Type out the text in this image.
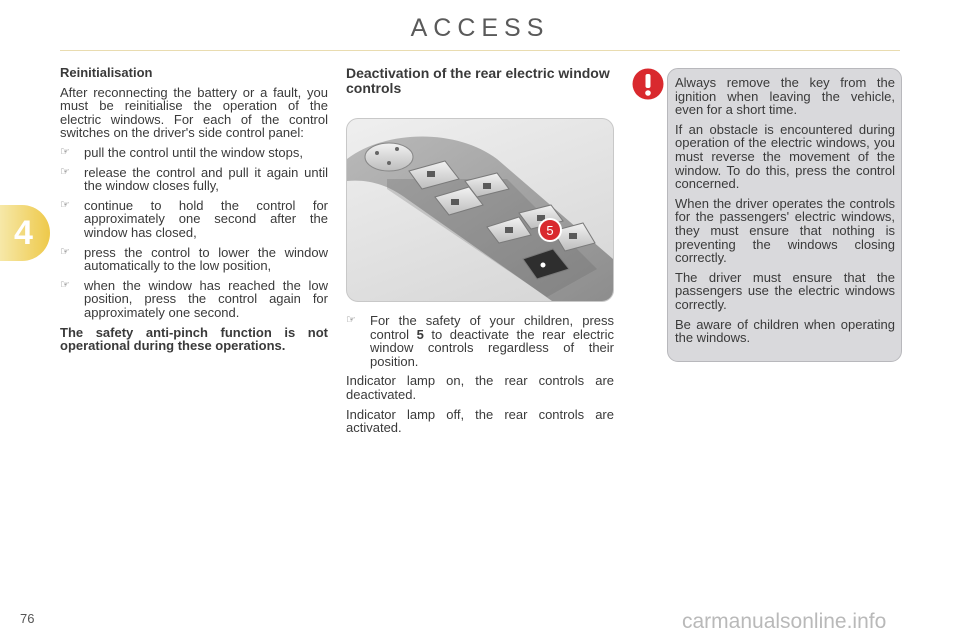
ACCESS
4
Reinitialisation

After reconnecting the battery or a fault, you must be reinitialise the operation of the electric windows. For each of the control switches on the driver's side control panel:

☞ pull the control until the window stops,
☞ release the control and pull it again until the window closes fully,
☞ continue to hold the control for approximately one second after the window has closed,
☞ press the control to lower the window automatically to the low position,
☞ when the window has reached the low position, press the control again for approximately one second.

The safety anti-pinch function is not operational during these operations.

Deactivation of the rear electric window controls
5
☞ For the safety of your children, press control 5 to deactivate the rear electric window controls regardless of their position.

Indicator lamp on, the rear controls are deactivated.

Indicator lamp off, the rear controls are activated.

Always remove the key from the ignition when leaving the vehicle, even for a short time.

If an obstacle is encountered during operation of the electric windows, you must reverse the movement of the window. To do this, press the control concerned.

When the driver operates the controls for the passengers' electric windows, they must ensure that nothing is preventing the windows closing correctly.

The driver must ensure that the passengers use the electric windows correctly.

Be aware of children when operating the windows.

76	carmanualsonline.info
